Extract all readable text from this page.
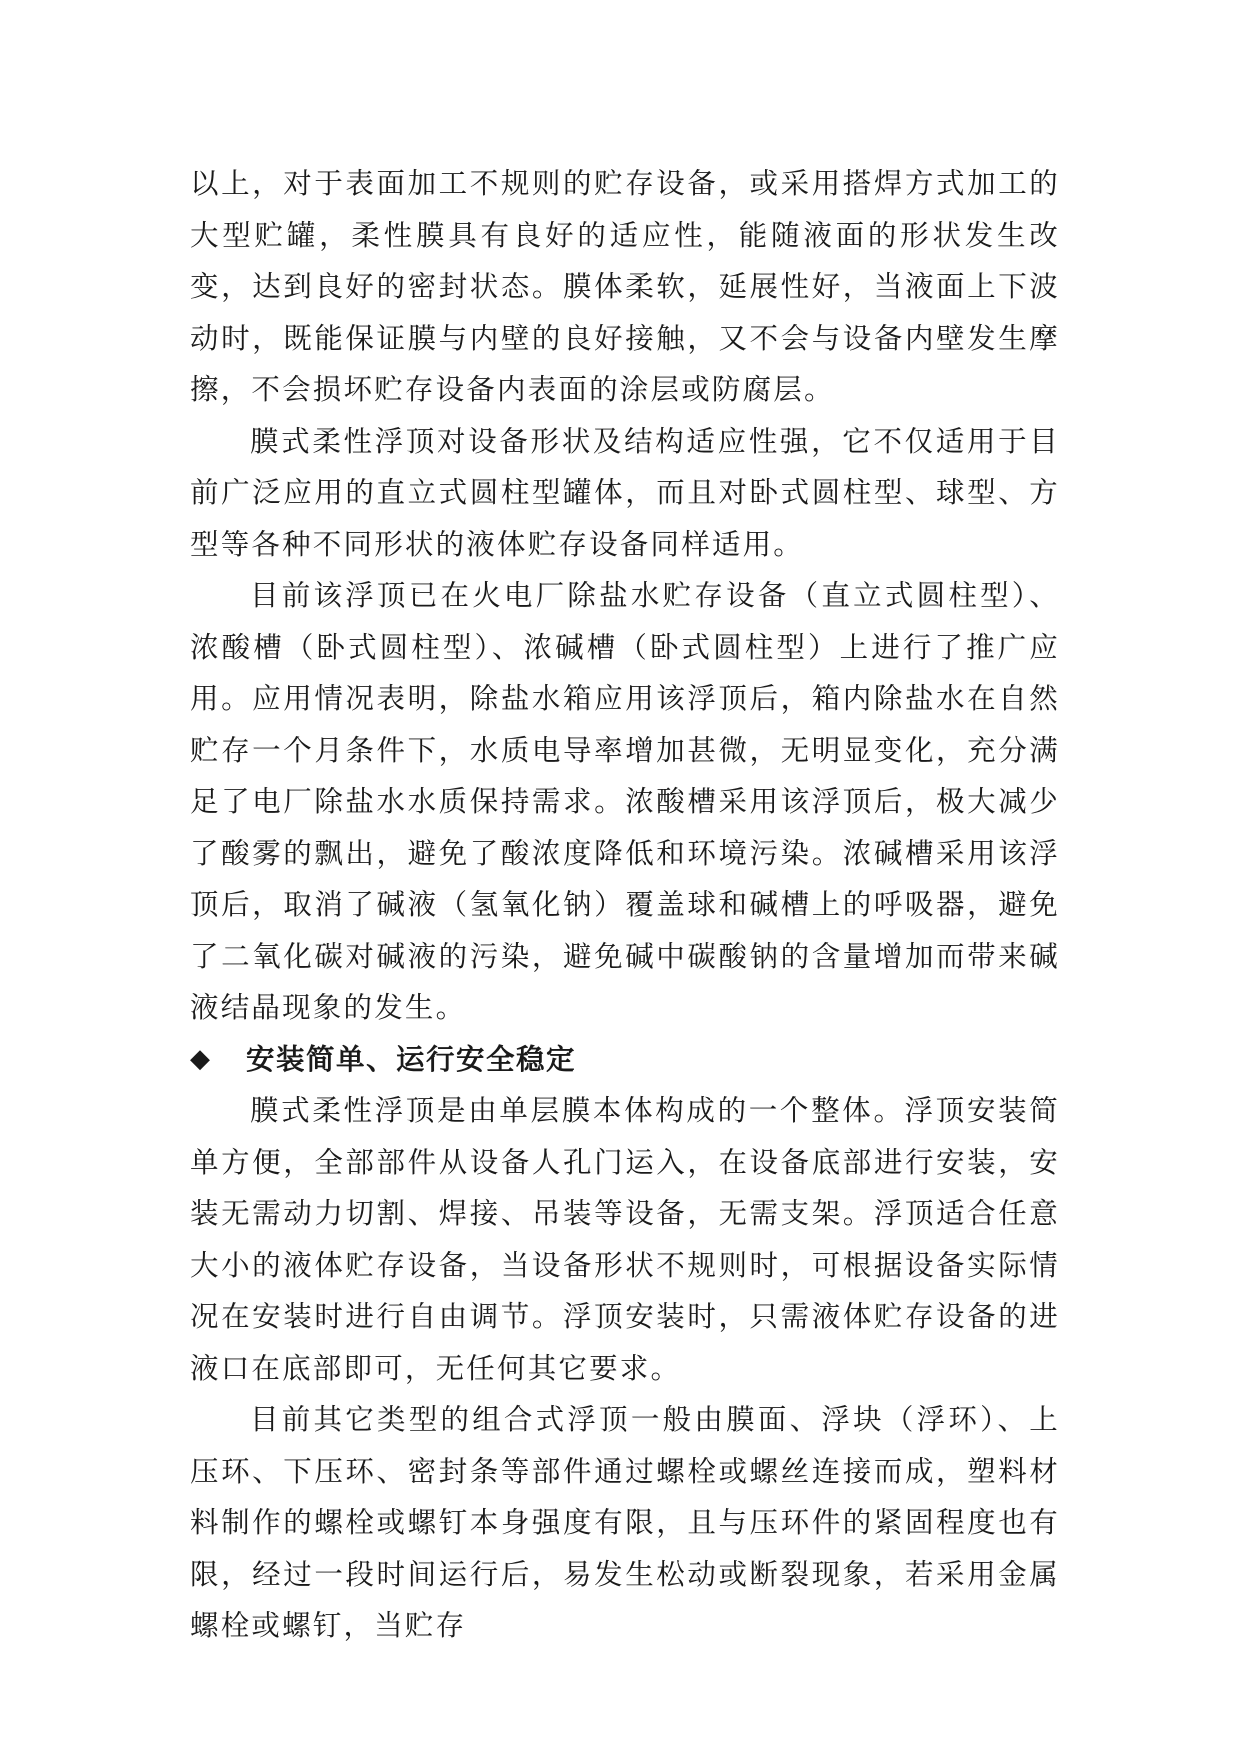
以上，对于表面加工不规则的贮存设备，或采用搭焊方式加工的大型贮罐，柔性膜具有良好的适应性，能随液面的形状发生改变，达到良好的密封状态。膜体柔软，延展性好，当液面上下波动时，既能保证膜与内壁的良好接触，又不会与设备内壁发生摩擦，不会损坏贮存设备内表面的涂层或防腐层。

膜式柔性浮顶对设备形状及结构适应性强，它不仅适用于目前广泛应用的直立式圆柱型罐体，而且对卧式圆柱型、球型、方型等各种不同形状的液体贮存设备同样适用。

目前该浮顶已在火电厂除盐水贮存设备（直立式圆柱型）、浓酸槽（卧式圆柱型）、浓碱槽（卧式圆柱型）上进行了推广应用。应用情况表明，除盐水箱应用该浮顶后，箱内除盐水在自然贮存一个月条件下，水质电导率增加甚微，无明显变化，充分满足了电厂除盐水水质保持需求。浓酸槽采用该浮顶后，极大减少了酸雾的飘出，避免了酸浓度降低和环境污染。浓碱槽采用该浮顶后，取消了碱液（氢氧化钠）覆盖球和碱槽上的呼吸器，避免了二氧化碳对碱液的污染，避免碱中碳酸钠的含量增加而带来碱液结晶现象的发生。

◆	安装简单、运行安全稳定

膜式柔性浮顶是由单层膜本体构成的一个整体。浮顶安装简单方便，全部部件从设备人孔门运入，在设备底部进行安装，安装无需动力切割、焊接、吊装等设备，无需支架。浮顶适合任意大小的液体贮存设备，当设备形状不规则时，可根据设备实际情况在安装时进行自由调节。浮顶安装时，只需液体贮存设备的进液口在底部即可，无任何其它要求。

目前其它类型的组合式浮顶一般由膜面、浮块（浮环）、上压环、下压环、密封条等部件通过螺栓或螺丝连接而成，塑料材料制作的螺栓或螺钉本身强度有限，且与压环件的紧固程度也有限，经过一段时间运行后，易发生松动或断裂现象，若采用金属螺栓或螺钉，当贮存
